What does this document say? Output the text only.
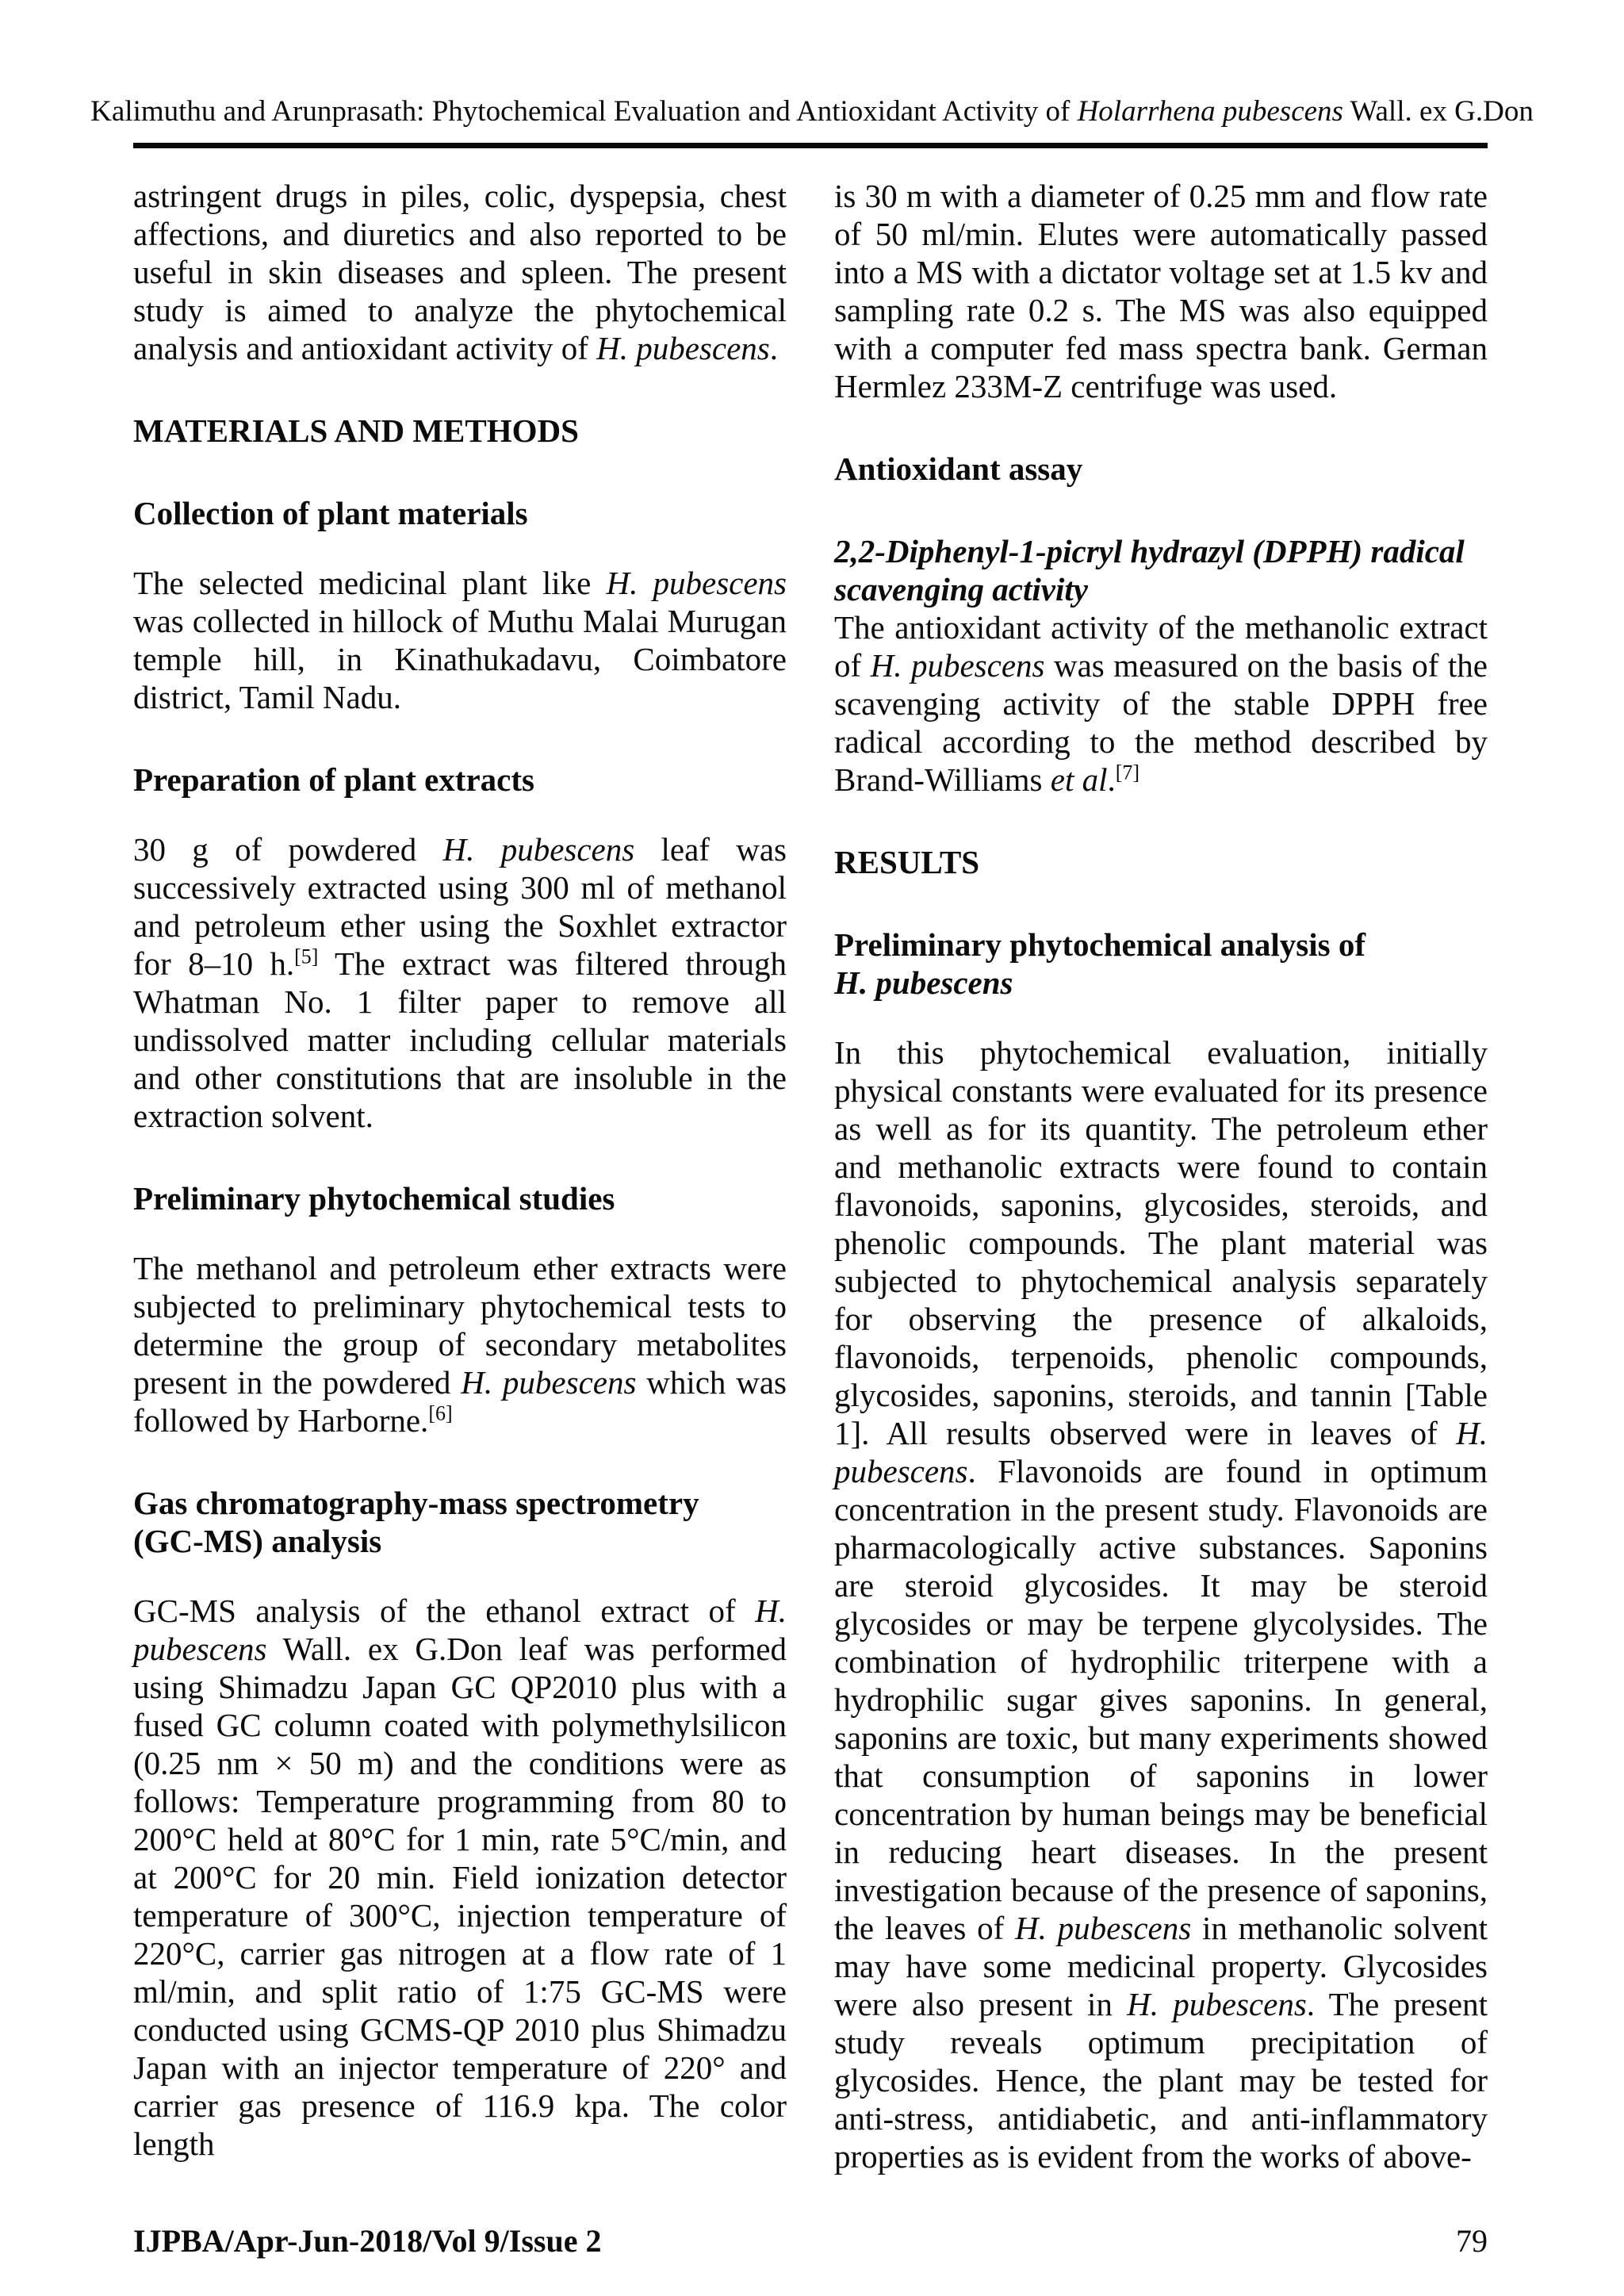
Kalimuthu and Arunprasath: Phytochemical Evaluation and Antioxidant Activity of Holarrhena pubescens Wall. ex G.Don

astringent drugs in piles, colic, dyspepsia, chest affections, and diuretics and also reported to be useful in skin diseases and spleen. The present study is aimed to analyze the phytochemical analysis and antioxidant activity of H. pubescens.

MATERIALS AND METHODS
Collection of plant materials

The selected medicinal plant like H. pubescens was collected in hillock of Muthu Malai Murugan temple hill, in Kinathukadavu, Coimbatore district, Tamil Nadu.

Preparation of plant extracts

30 g of powdered H. pubescens leaf was successively extracted using 300 ml of methanol and petroleum ether using the Soxhlet extractor for 8–10 h.[5] The extract was filtered through Whatman No. 1 filter paper to remove all undissolved matter including cellular materials and other constitutions that are insoluble in the extraction solvent.

Preliminary phytochemical studies

The methanol and petroleum ether extracts were subjected to preliminary phytochemical tests to determine the group of secondary metabolites present in the powdered H. pubescens which was followed by Harborne.[6]

Gas chromatography-mass spectrometry
(GC-MS) analysis

GC-MS analysis of the ethanol extract of H. pubescens Wall. ex G.Don leaf was performed using Shimadzu Japan GC QP2010 plus with a fused GC column coated with polymethylsilicon (0.25 nm × 50 m) and the conditions were as follows: Temperature programming from 80 to 200°C held at 80°C for 1 min, rate 5°C/min, and at 200°C for 20 min. Field ionization detector temperature of 300°C, injection temperature of 220°C, carrier gas nitrogen at a flow rate of 1 ml/min, and split ratio of 1:75 GC-MS were conducted using GCMS-QP 2010 plus Shimadzu Japan with an injector temperature of 220° and carrier gas presence of 116.9 kpa. The color length

is 30 m with a diameter of 0.25 mm and flow rate of 50 ml/min. Elutes were automatically passed into a MS with a dictator voltage set at 1.5 kv and sampling rate 0.2 s. The MS was also equipped with a computer fed mass spectra bank. German Hermlez 233M-Z centrifuge was used.

Antioxidant assay
2,2-Diphenyl-1-picryl hydrazyl (DPPH) radical
scavenging activity

The antioxidant activity of the methanolic extract of H. pubescens was measured on the basis of the scavenging activity of the stable DPPH free radical according to the method described by Brand-Williams et al.[7]

RESULTS
Preliminary phytochemical analysis of
H. pubescens

In this phytochemical evaluation, initially physical constants were evaluated for its presence as well as for its quantity. The petroleum ether and methanolic extracts were found to contain flavonoids, saponins, glycosides, steroids, and phenolic compounds. The plant material was subjected to phytochemical analysis separately for observing the presence of alkaloids, flavonoids, terpenoids, phenolic compounds, glycosides, saponins, steroids, and tannin [Table 1]. All results observed were in leaves of H. pubescens. Flavonoids are found in optimum concentration in the present study. Flavonoids are pharmacologically active substances. Saponins are steroid glycosides. It may be steroid glycosides or may be terpene glycolysides. The combination of hydrophilic triterpene with a hydrophilic sugar gives saponins. In general, saponins are toxic, but many experiments showed that consumption of saponins in lower concentration by human beings may be beneficial in reducing heart diseases. In the present investigation because of the presence of saponins, the leaves of H. pubescens in methanolic solvent may have some medicinal property. Glycosides were also present in H. pubescens. The present study reveals optimum precipitation of glycosides. Hence, the plant may be tested for anti-stress, antidiabetic, and anti-inflammatory properties as is evident from the works of above-

IJPBA/Apr-Jun-2018/Vol 9/Issue 2	79
